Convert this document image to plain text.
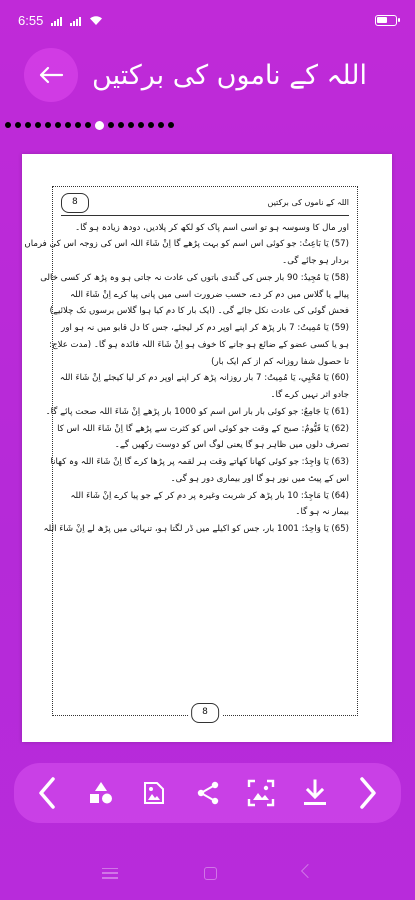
6:55
اللہ کے ناموں کی برکتیں
اللہ کے ناموں کی برکتیں
8
اور مال کا وسوسہ ہو تو اسی اسم پاک کو لکھ کر پلادیں، دودھ زیادہ ہو گا۔
(57) يَا بَاعِثُ: جو کوئی اس اسم کو بہت پڑھے گا اِنْ شَاءَ اللہ اس کی زوجہ اس کی فرماں
بردار ہو جائے گی۔
(58) يَا مُجِيدُ: 90 بار جس کی گندی باتوں کی عادت نہ جاتی ہو وہ پڑھ کر کسی خالی
پیالے یا گلاس میں دم کر دے، حسب ضرورت اسی میں پانی پیا کرے اِنْ شَاءَ اللہ
فحش گوئی کی عادت نکل جائے گی۔ (ایک بار کا دم کیا ہوا گلاس برسوں تک چلائیے)
(59) يَا مُمِيتُ: 7 بار پڑھ کر اپنے اوپر دم کر لیجئے، جس کا دل قابو میں نہ ہو اور
ہو یا کسی عضو کے ضائع ہو جانے کا خوف ہو اِنْ شَاءَ اللہ فائدہ ہو گا۔ (مدت علاج:
تا حصول شفا روزانہ کم از کم ایک بار)
(60) يَا مُحْيِي، يَا مُمِيتُ: 7 بار روزانہ پڑھ کر اپنے اوپر دم کر لیا کیجئے اِنْ شَاءَ اللہ
جادو اثر نہیں کرے گا۔
(61) يَا جَامِعُ: جو کوئی بار بار اس اسم کو 1000 بار پڑھے اِنْ شَاءَ اللہ صحت پائے گا۔
(62) يَا قَيُّومُ: صبح کے وقت جو کوئی اس کو کثرت سے پڑھے گا اِنْ شَاءَ اللہ اس کا
تصرف دلوں میں ظاہر ہو گا یعنی لوگ اس کو دوست رکھیں گے۔
(63) يَا وَاجِدُ: جو کوئی کھانا کھاتے وقت ہر لقمہ پر پڑھا کرے گا اِنْ شَاءَ اللہ وہ کھانا
اس کے پیٹ میں نور ہو گا اور بیماری دور ہو گی۔
(64) يَا مَاجِدُ: 10 بار پڑھ کر شربت وغیرہ پر دم کر کے جو پیا کرے اِنْ شَاءَ اللہ
بیمار نہ ہو گا۔
(65) يَا وَاحِدُ: 1001 بار، جس کو اکیلے میں ڈر لگتا ہو، تنہائی میں پڑھ لے اِنْ شَاءَ اللہ
8
